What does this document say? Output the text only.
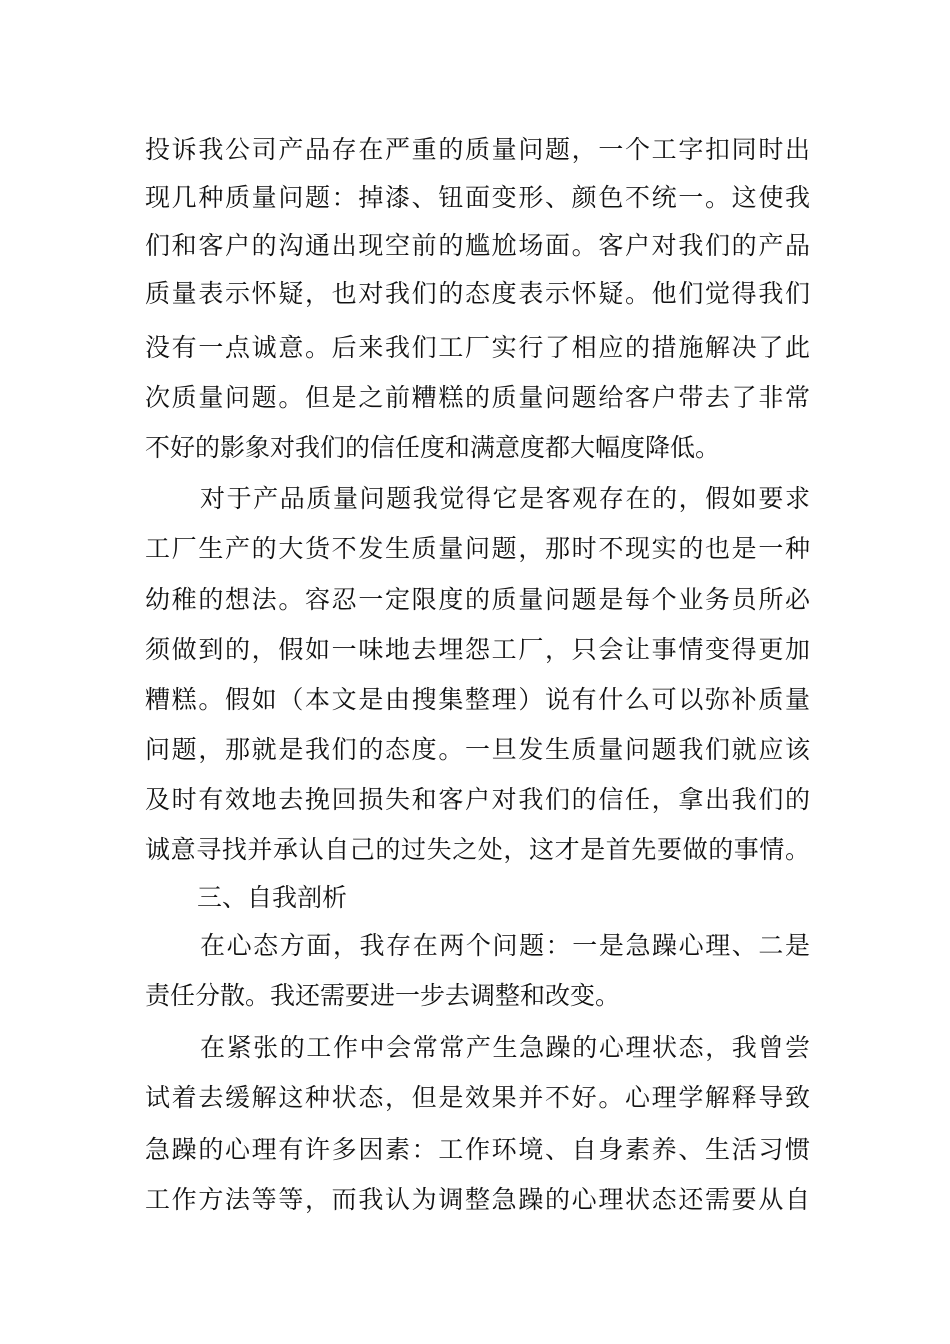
投诉我公司产品存在严重的质量问题，一个工字扣同时出

现几种质量问题：掉漆、钮面变形、颜色不统一。这使我

们和客户的沟通出现空前的尴尬场面。客户对我们的产品

质量表示怀疑，也对我们的态度表示怀疑。他们觉得我们

没有一点诚意。后来我们工厂实行了相应的措施解决了此

次质量问题。但是之前糟糕的质量问题给客户带去了非常

不好的影象对我们的信任度和满意度都大幅度降低。

对于产品质量问题我觉得它是客观存在的，假如要求

工厂生产的大货不发生质量问题，那时不现实的也是一种

幼稚的想法。容忍一定限度的质量问题是每个业务员所必

须做到的，假如一味地去埋怨工厂，只会让事情变得更加

糟糕。假如（本文是由搜集整理）说有什么可以弥补质量

问题，那就是我们的态度。一旦发生质量问题我们就应该

及时有效地去挽回损失和客户对我们的信任，拿出我们的

诚意寻找并承认自己的过失之处，这才是首先要做的事情。

三、自我剖析

在心态方面，我存在两个问题：一是急躁心理、二是

责任分散。我还需要进一步去调整和改变。

在紧张的工作中会常常产生急躁的心理状态，我曾尝

试着去缓解这种状态，但是效果并不好。心理学解释导致

急躁的心理有许多因素：工作环境、自身素养、生活习惯

工作方法等等，而我认为调整急躁的心理状态还需要从自
